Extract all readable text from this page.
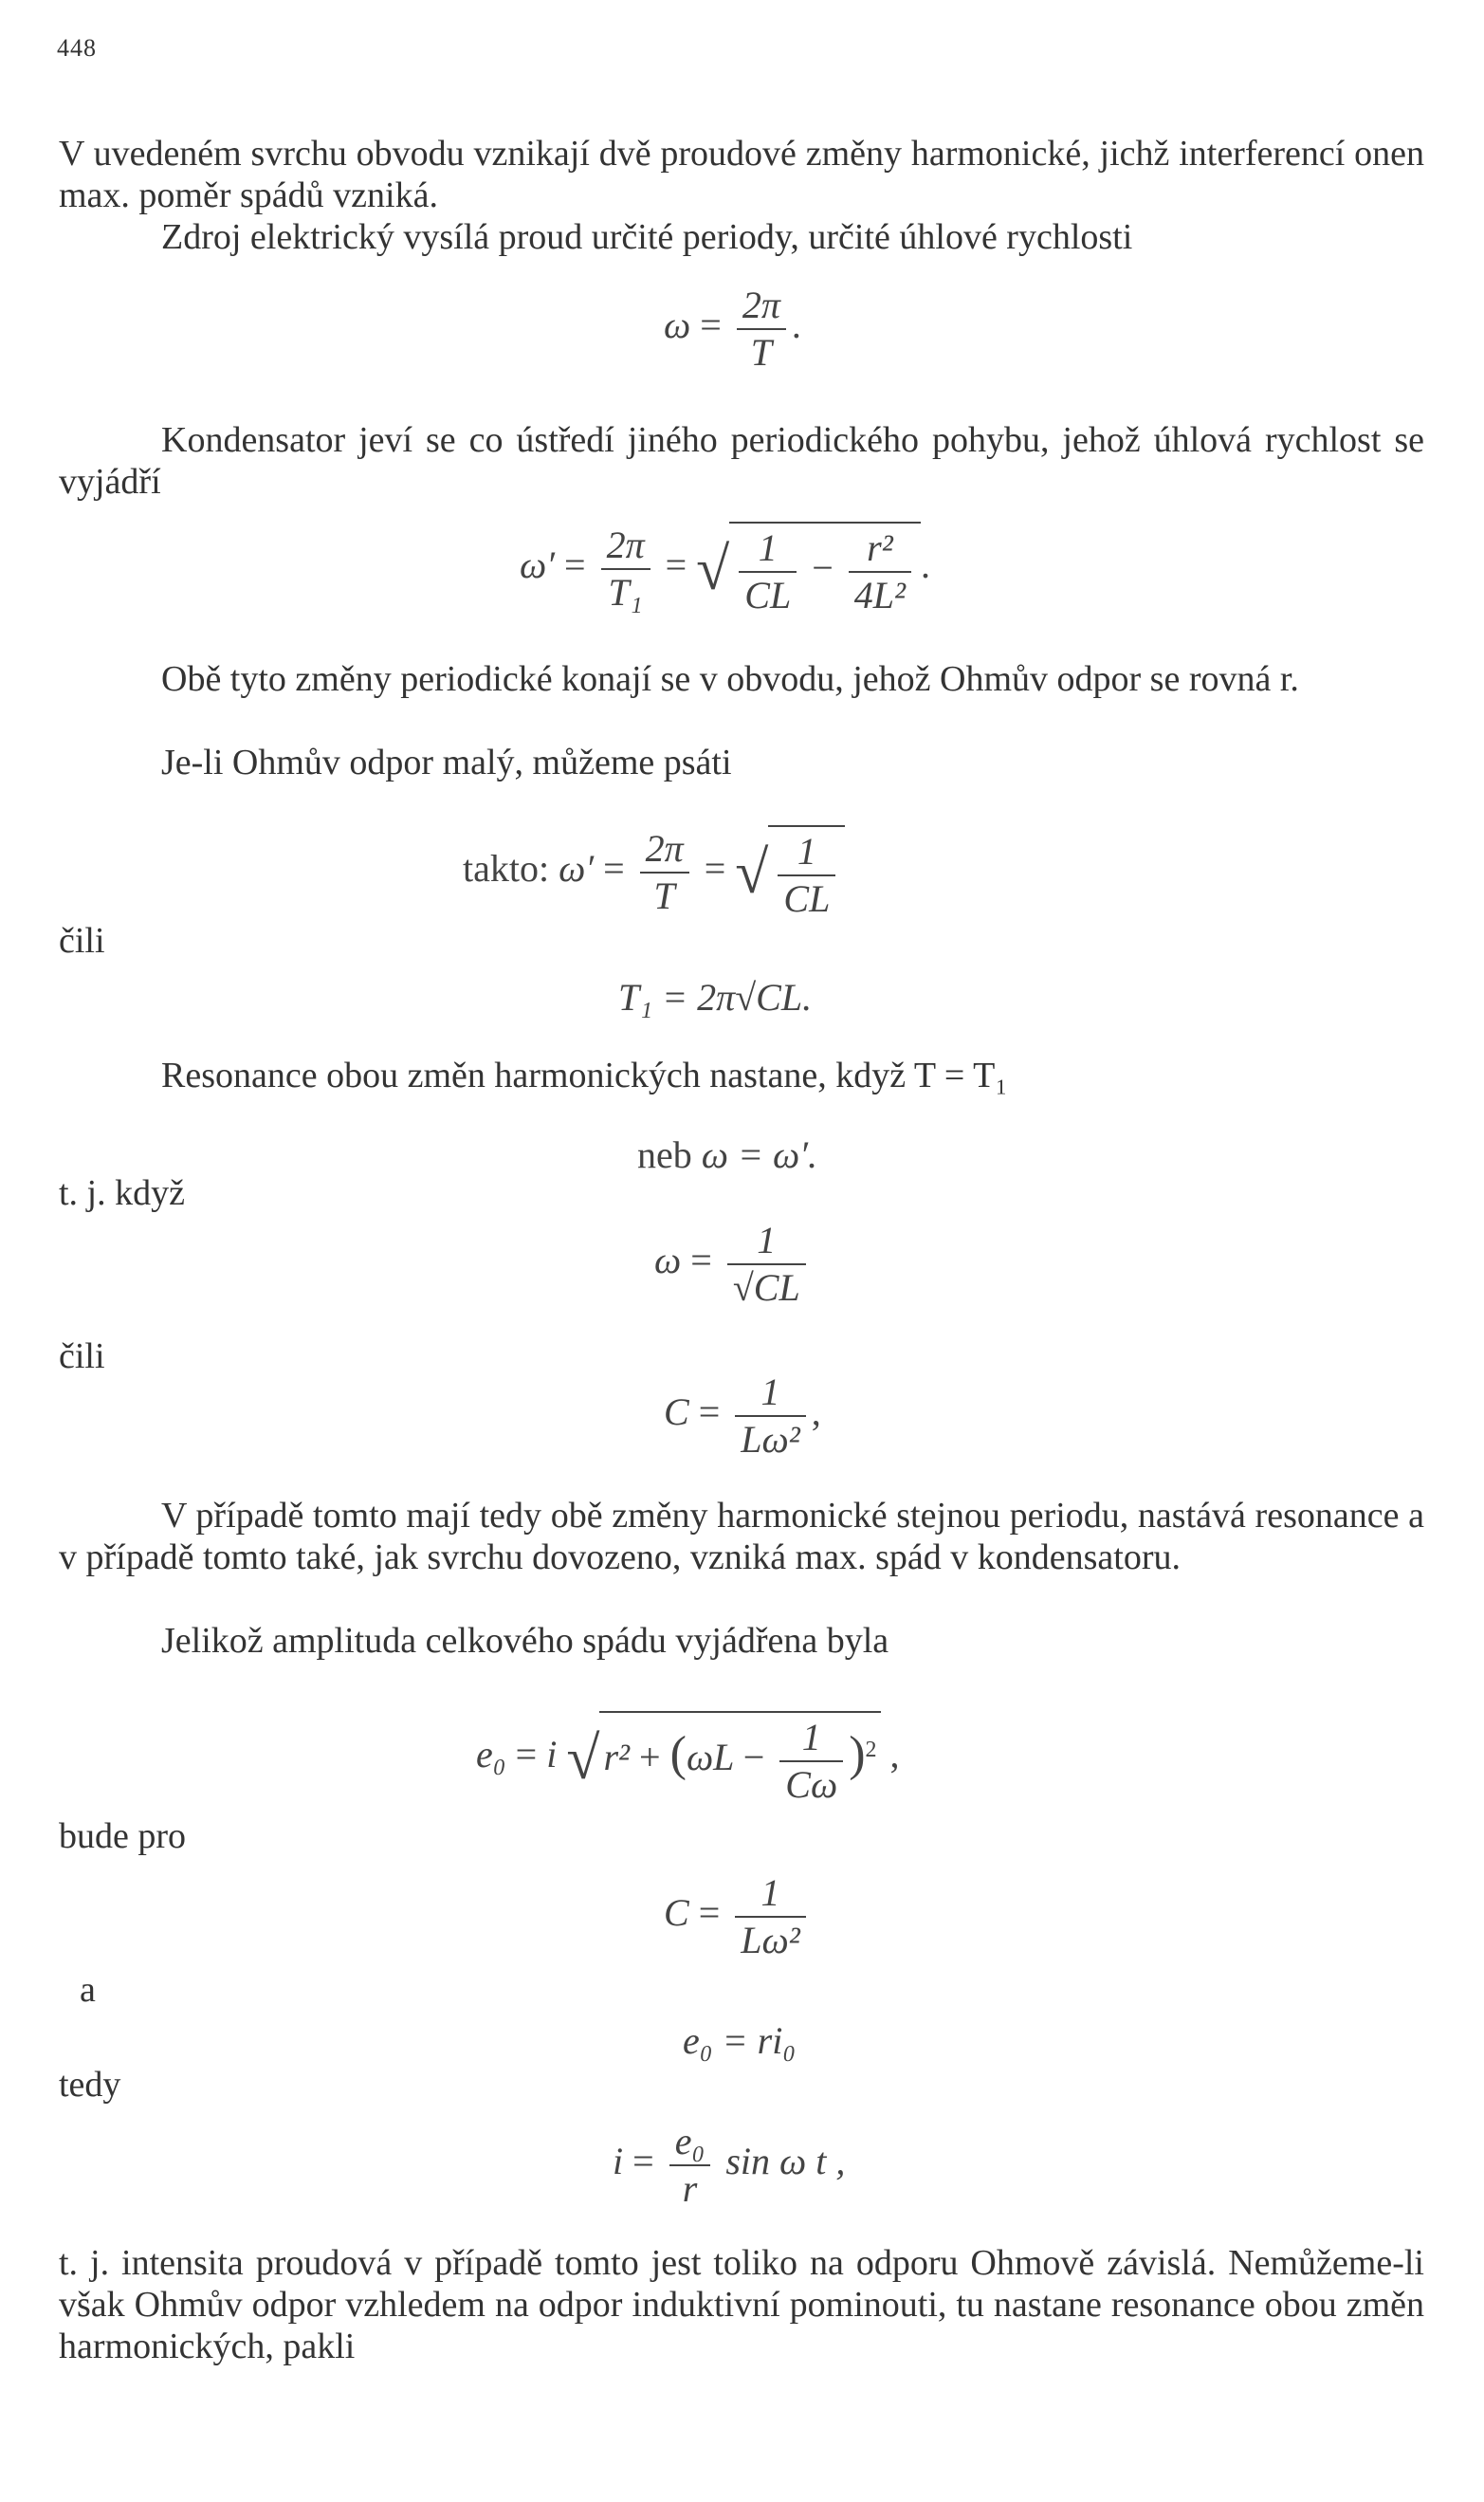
448

V uvedeném svrchu obvodu vznikají dvě proudové změny harmonické, jichž interferencí onen max. poměr spádů vzniká.

Zdroj elektrický vysílá proud určité periody, určité úhlové rychlosti

$\omega = \frac{2\pi}{T}$ .

Kondensator jeví se co ústředí jiného periodického pohybu, jehož úhlová rychlost se vyjádří

$\omega' = \frac{2\pi}{\text{T₁}}$ = √ $\frac{1}{CL} - \frac{\text{r²}}{\text{4L²}}$ .

Obě tyto změny periodické konají se v obvodu, jehož Ohmův odpor se rovná r.

Je-li Ohmův odpor malý, můžeme psáti

takto: $\omega' = \frac{2\pi}{T}$ = √ $\frac{1}{CL}$
čili
T₁ = 2π√CL.

Resonance obou změn harmonických nastane, když T = T₁

neb ω = ω′.
t. j. když
$\omega = \frac{1}{√CL}$
čili
$C = \frac{1}{\text{Lω²}}$ ,

V případě tomto mají tedy obě změny harmonické stejnou periodu, nastává resonance a v případě tomto také, jak svrchu dovozeno, vzniká max. spád v kondensatoru.

Jelikož amplituda celkového spádu vyjádřena byla

e₀ = i √ $r^2 + (\omega L - \frac{1}{C\omega} )^2$ ,
bude pro
$C = \frac{1}{\text{Lω²}}$
a
e₀ = ri₀
tedy
$i = \frac{\text{e₀}}{r}$ sin ω t ,

t. j. intensita proudová v případě tomto jest toliko na odporu Ohmově závislá. Nemůžeme-li však Ohmův odpor vzhledem na odpor induktivní pominouti, tu nastane resonance obou změn harmonických, pakli
